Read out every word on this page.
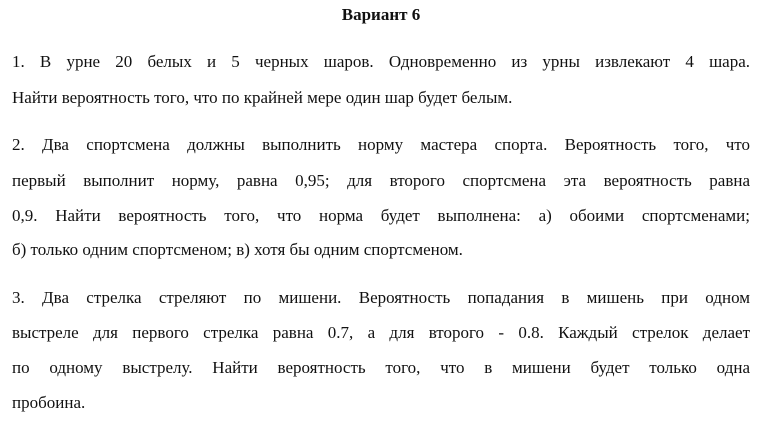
Вариант 6
1. В урне 20 белых и 5 черных шаров. Одновременно из урны извлекают 4 шара.
Найти вероятность того, что по крайней мере один шар будет белым.
2. Два спортсмена должны выполнить норму мастера спорта. Вероятность того, что
первый выполнит норму, равна 0,95; для второго спортсмена эта вероятность равна
0,9. Найти вероятность того, что норма будет выполнена: а) обоими спортсменами;
б) только одним спортсменом; в) хотя бы одним спортсменом.
3. Два стрелка стреляют по мишени. Вероятность попадания в мишень при одном
выстреле для первого стрелка равна 0.7, а для второго - 0.8. Каждый стрелок делает
по одному выстрелу. Найти вероятность того, что в мишени будет только одна
пробоина.
